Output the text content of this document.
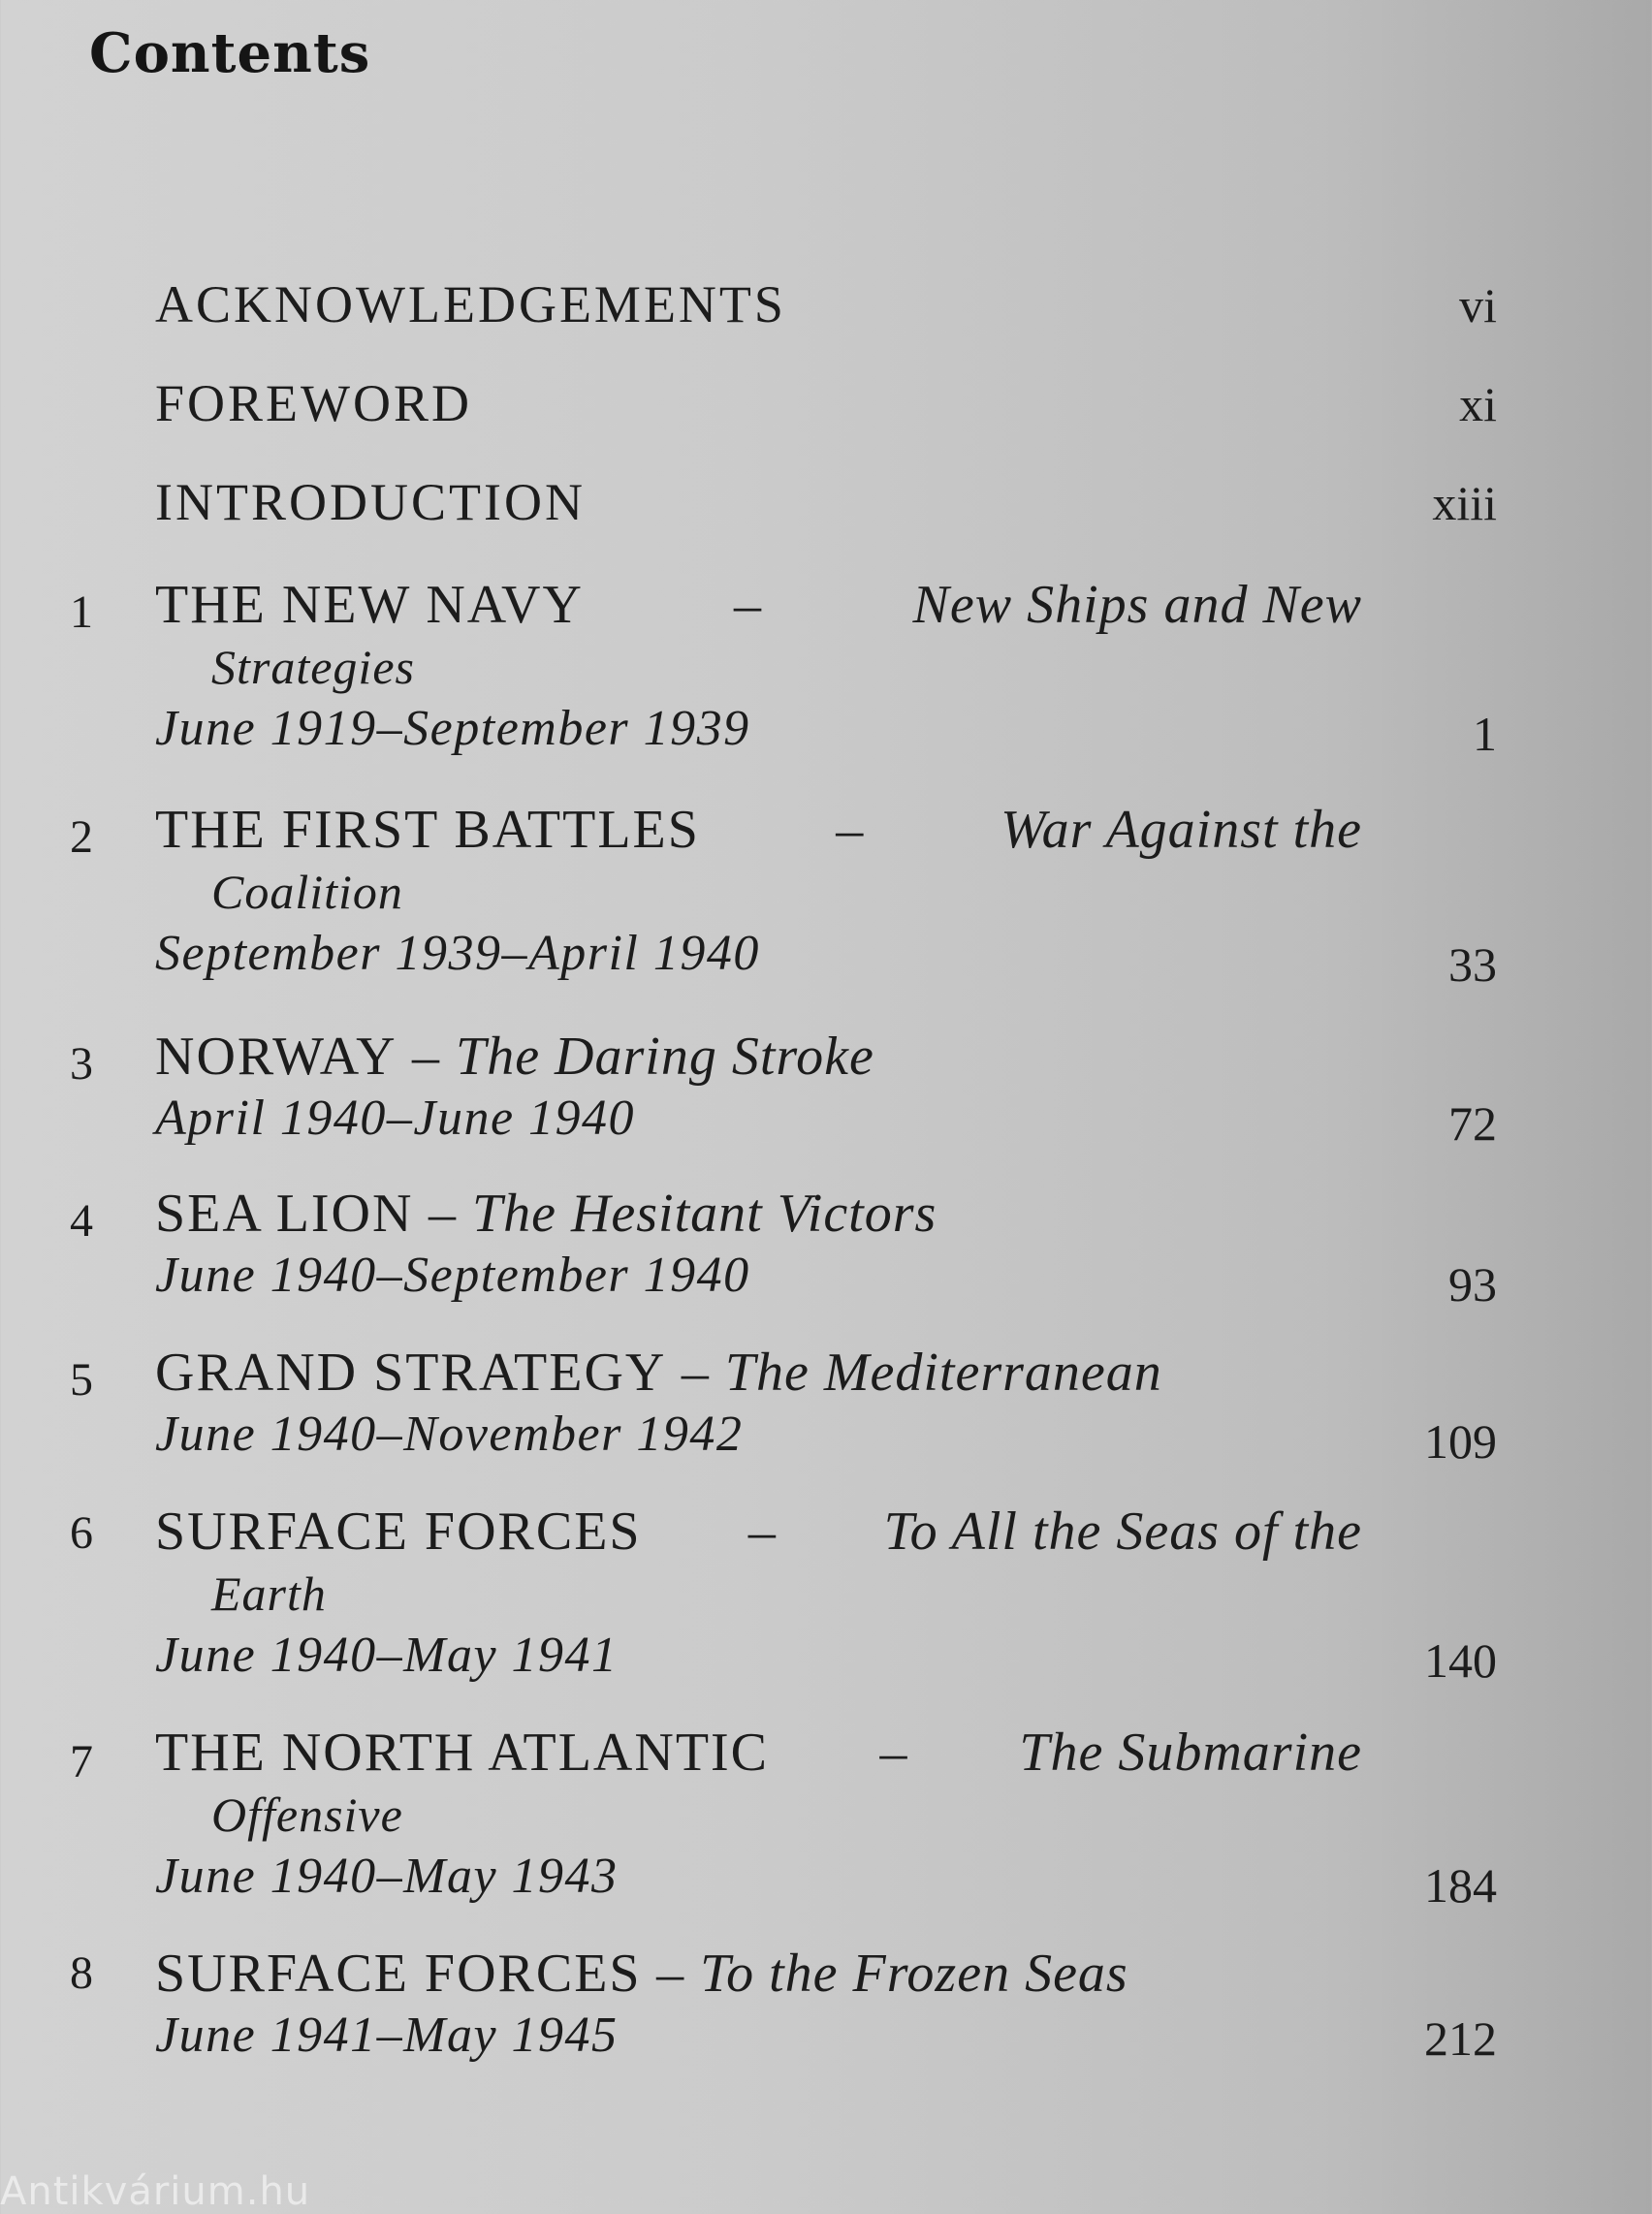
Contents
ACKNOWLEDGEMENTS	vi
FOREWORD	xi
INTRODUCTION	xiii
1 THE NEW NAVY	–	New Ships and New
Strategies
June 1919–September 1939	1
2 THE FIRST BATTLES	–	War Against the
Coalition
September 1939–April 1940	33
3 NORWAY – The Daring Stroke
April 1940–June 1940	72
4 SEA LION – The Hesitant Victors
June 1940–September 1940	93
5 GRAND STRATEGY – The Mediterranean
June 1940–November 1942	109
6 SURFACE FORCES – To All the Seas of the
Earth
June 1940–May 1941	140
7 THE NORTH ATLANTIC – The Submarine
Offensive
June 1940–May 1943	184
8 SURFACE FORCES – To the Frozen Seas
June 1941–May 1945	212
Antikvárium.hu
